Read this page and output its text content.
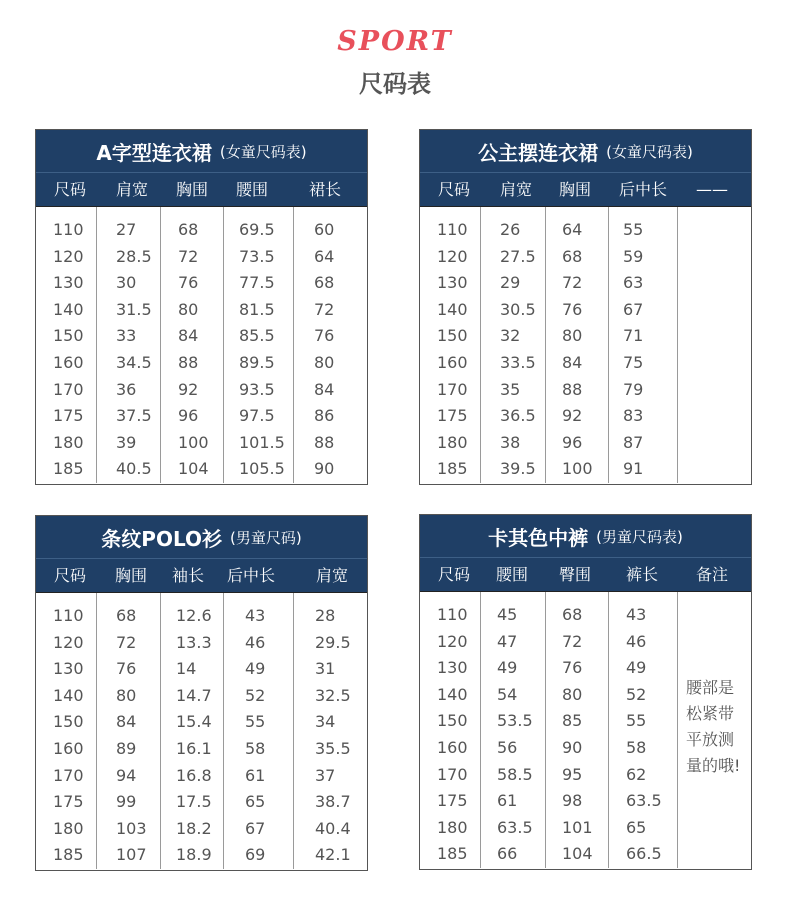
SPORT
尺码表
A字型连衣裙 (女童尺码表)
尺码 肩宽 胸围 腰围	裙长
110
120
130
140
150
160
170
175
180
185
27
28.5
30
31.5
33
34.5
36
37.5
39
40.5
68
72
76
80
84
88
92
96
100
104
69.5
73.5
77.5
81.5
85.5
89.5
93.5
97.5
101.5
105.5
60
64
68
72
76
80
84
86
88
90
公主摆连衣裙 (女童尺码表)
尺码 肩宽 胸围 后中长 ——
110
120
130
140
150
160
170
175
180
185
26
27.5
29
30.5
32
33.5
35
36.5
38
39.5
64
68
72
76
80
84
88
92
96
100
55
59
63
67
71
75
79
83
87
91
条纹POLO衫 (男童尺码)
尺码 胸围 袖长 后中长	肩宽
110
120
130
140
150
160
170
175
180
185
68
72
76
80
84
89
94
99
103
107
12.6
13.3
14
14.7
15.4
16.1
16.8
17.5
18.2
18.9
43
46
49
52
55
58
61
65
67
69
28
29.5
31
32.5
34
35.5
37
38.7
40.4
42.1
卡其色中裤 (男童尺码表)
尺码 腰围 臀围 裤长 备注
110
120
130
140
150
160
170
175
180
185
45
47
49
54
53.5
56
58.5
61
63.5
66
68
72
76
80
85
90
95
98
101
104
43
46
49
52
55
58
62
63.5
65
66.5
腰部是
松紧带
平放测
量的哦!
